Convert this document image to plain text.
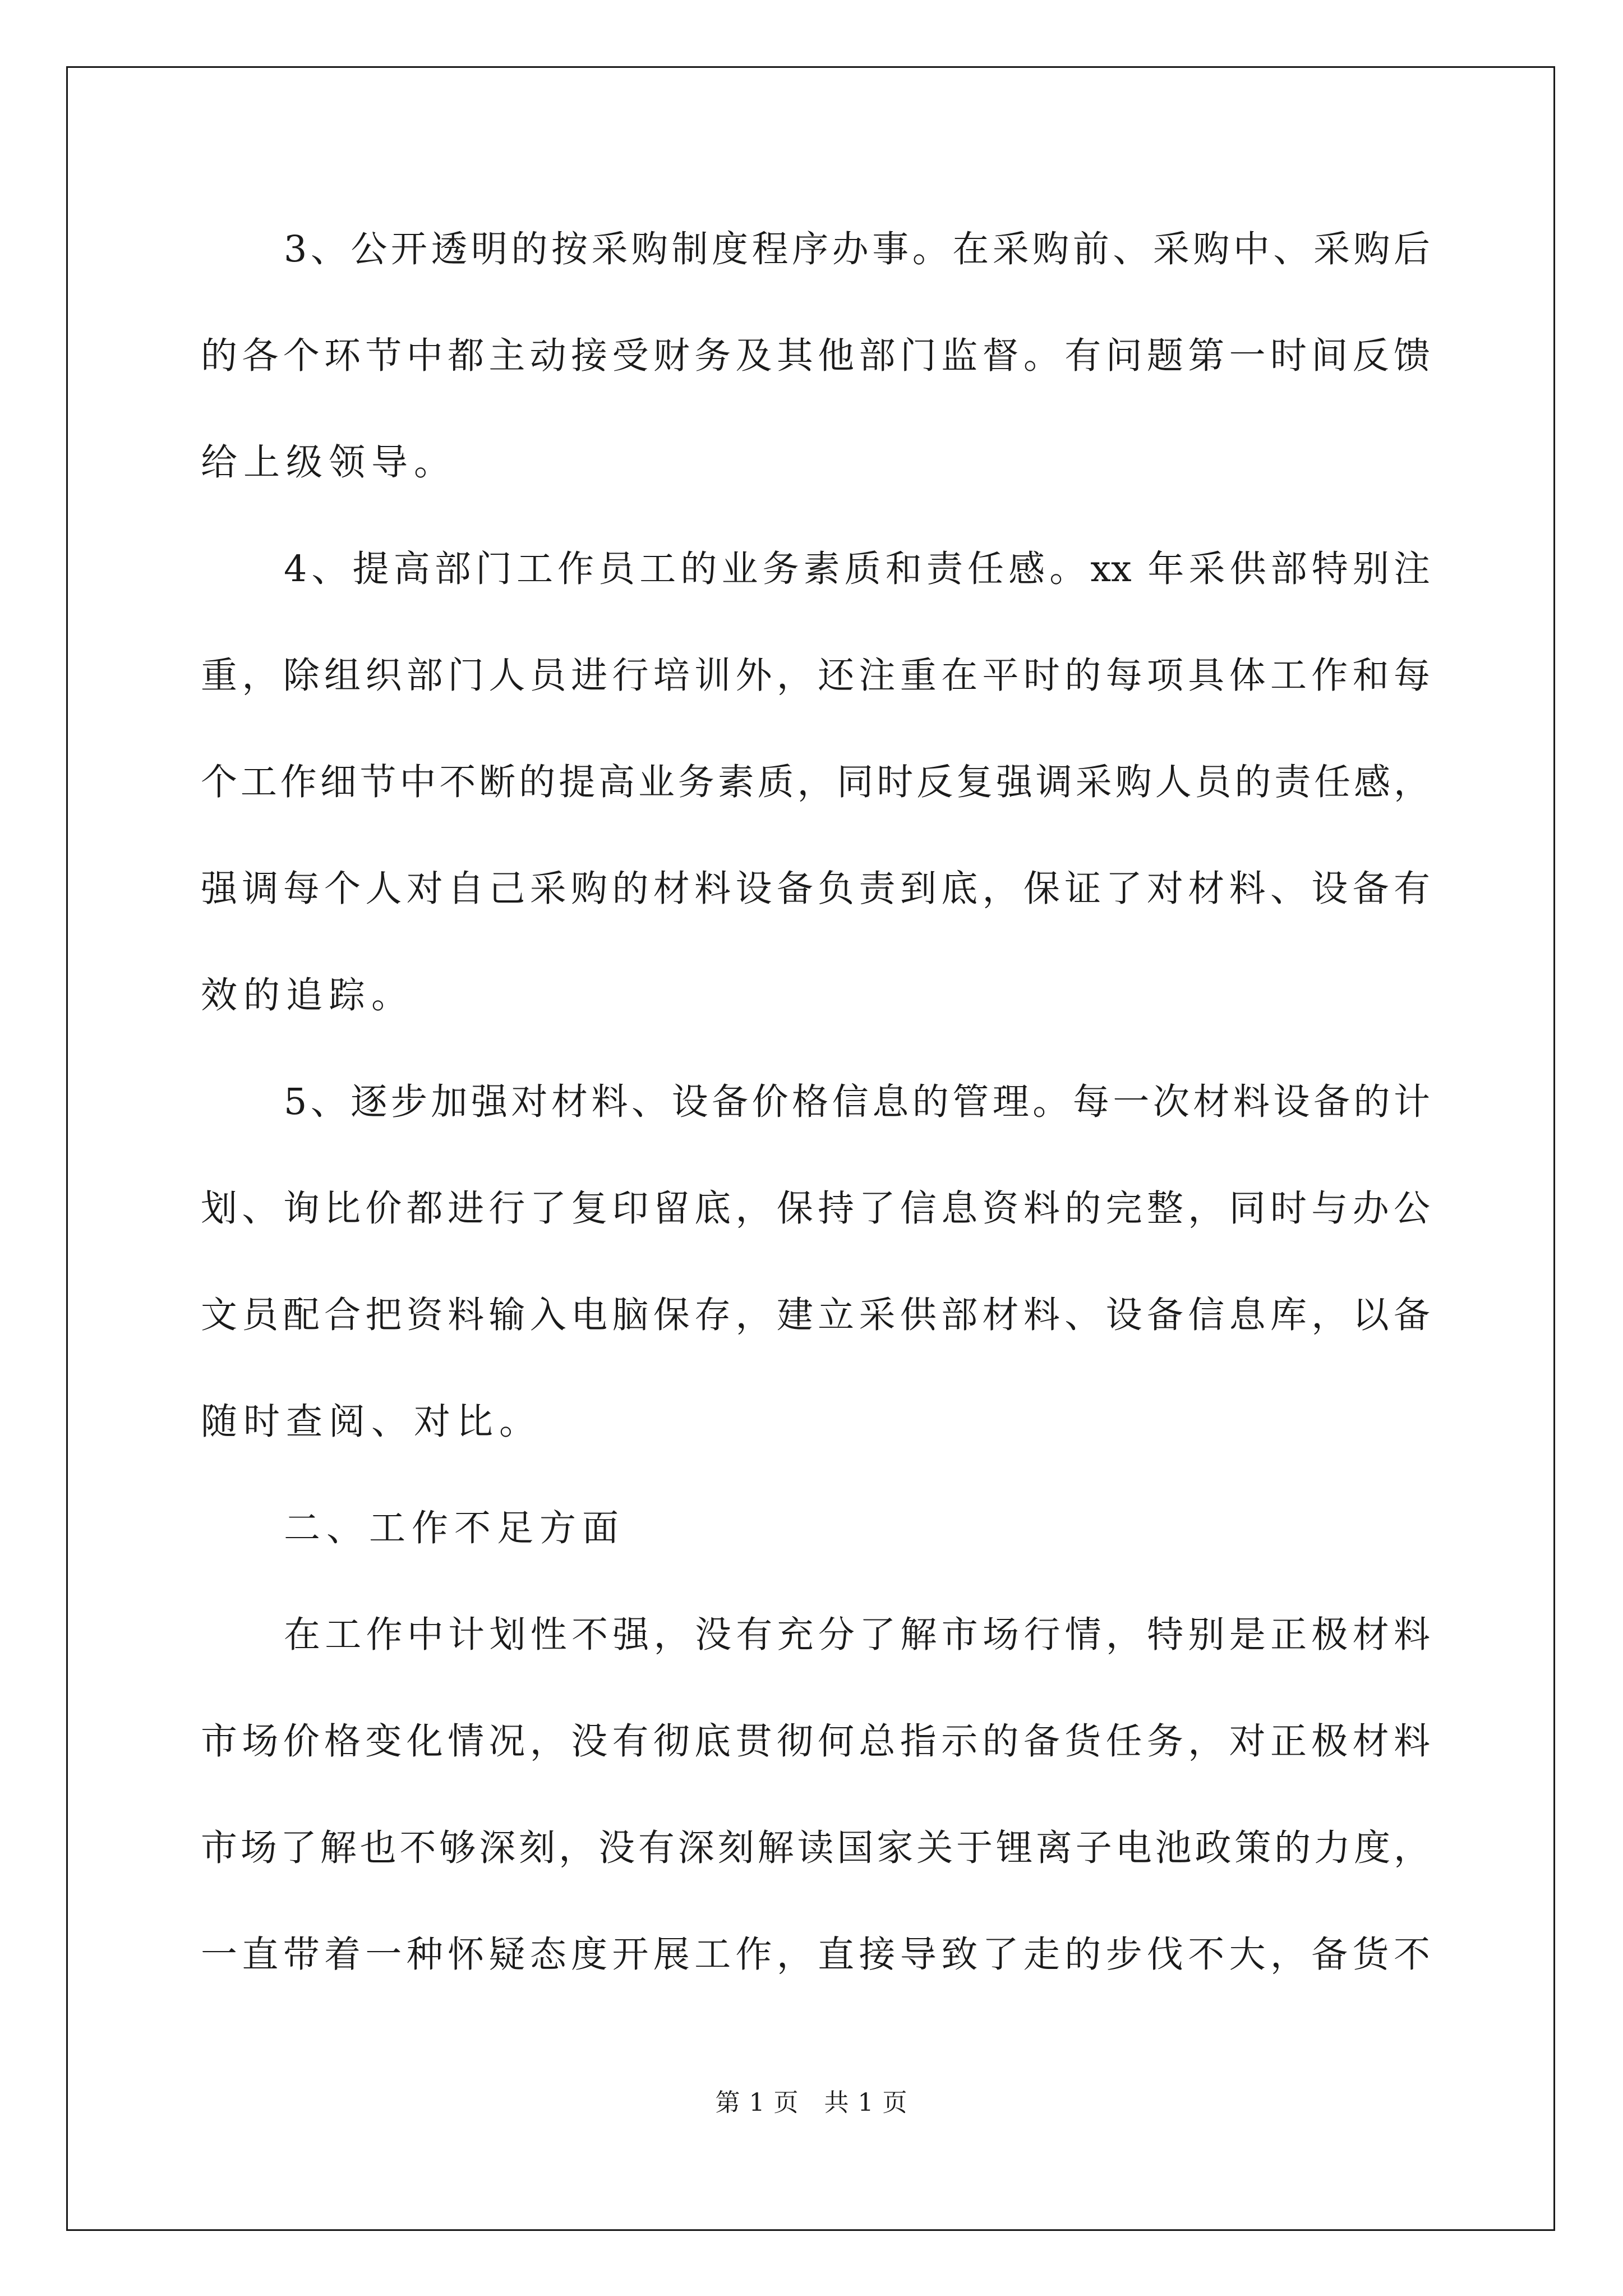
3、公开透明的按采购制度程序办事。在采购前、采购中、采购后
的各个环节中都主动接受财务及其他部门监督。有问题第一时间反馈
给上级领导。
4、提高部门工作员工的业务素质和责任感。xx 年采供部特别注
重，除组织部门人员进行培训外，还注重在平时的每项具体工作和每
个工作细节中不断的提高业务素质，同时反复强调采购人员的责任感，
强调每个人对自己采购的材料设备负责到底，保证了对材料、设备有
效的追踪。
5、逐步加强对材料、设备价格信息的管理。每一次材料设备的计
划、询比价都进行了复印留底，保持了信息资料的完整，同时与办公
文员配合把资料输入电脑保存，建立采供部材料、设备信息库，以备
随时查阅、对比。
二、工作不足方面
在工作中计划性不强，没有充分了解市场行情，特别是正极材料
市场价格变化情况，没有彻底贯彻何总指示的备货任务，对正极材料
市场了解也不够深刻，没有深刻解读国家关于锂离子电池政策的力度，
一直带着一种怀疑态度开展工作，直接导致了走的步伐不大，备货不
第 1 页　共 1 页
